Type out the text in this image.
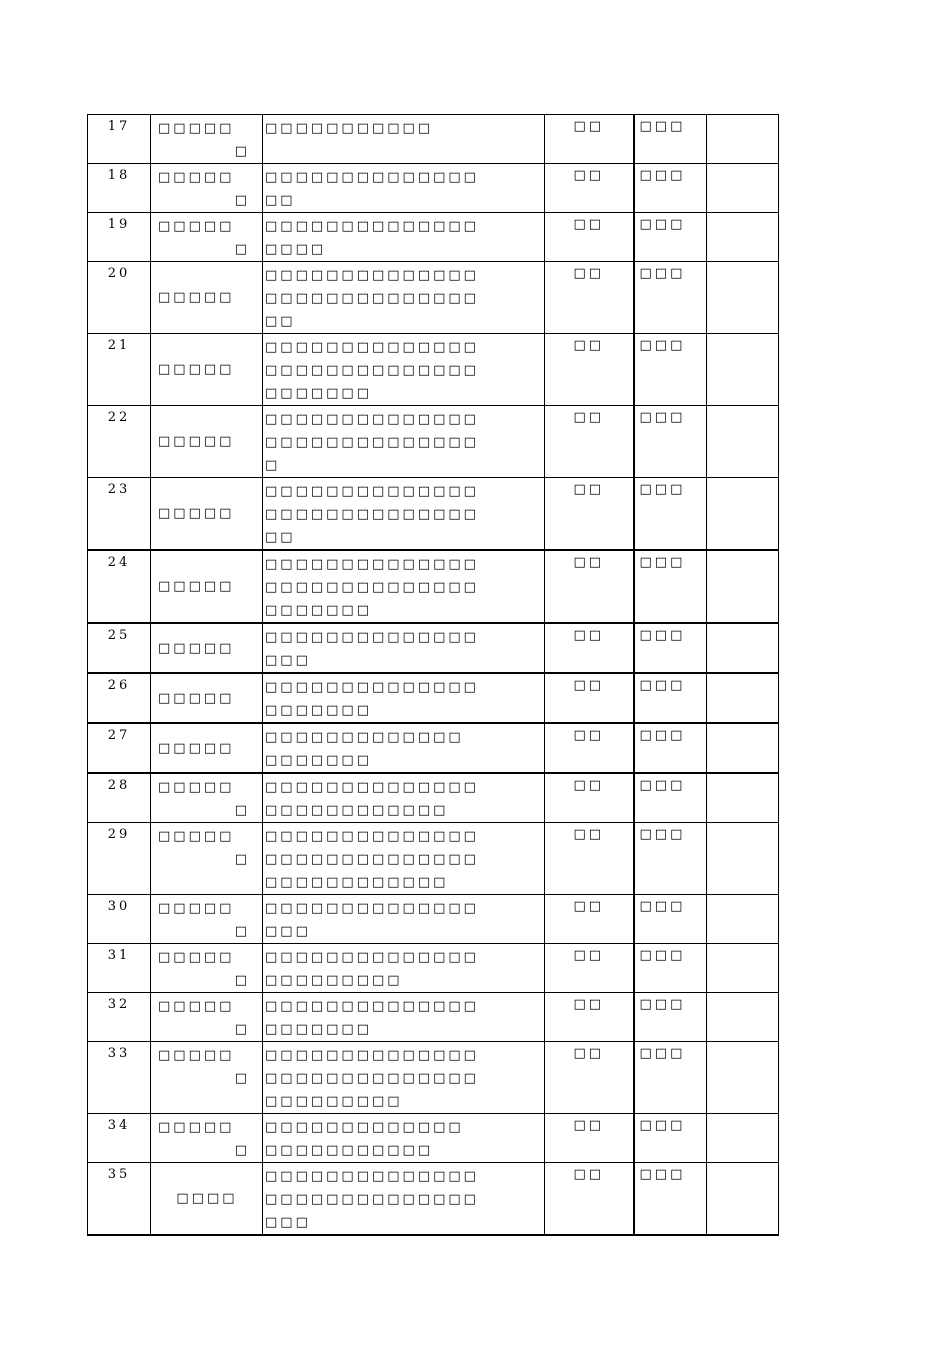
17	□□□□□
□	□□□□□□□□□□□	□□	□□□	
18	□□□□□
□	□□□□□□□□□□□□□□
□□	□□	□□□	
19	□□□□□
□	□□□□□□□□□□□□□□
□□□□	□□	□□□	
20	□□□□□	□□□□□□□□□□□□□□
□□□□□□□□□□□□□□
□□	□□	□□□	
21	□□□□□	□□□□□□□□□□□□□□
□□□□□□□□□□□□□□
□□□□□□□	□□	□□□	
22	□□□□□	□□□□□□□□□□□□□□
□□□□□□□□□□□□□□
□	□□	□□□	
23	□□□□□	□□□□□□□□□□□□□□
□□□□□□□□□□□□□□
□□	□□	□□□	
24	□□□□□	□□□□□□□□□□□□□□
□□□□□□□□□□□□□□
□□□□□□□	□□	□□□	
25	□□□□□	□□□□□□□□□□□□□□
□□□	□□	□□□	
26	□□□□□	□□□□□□□□□□□□□□
□□□□□□□	□□	□□□	
27	□□□□□	□□□□□□□□□□□□□
□□□□□□□	□□	□□□	
28	□□□□□
□	□□□□□□□□□□□□□□
□□□□□□□□□□□□	□□	□□□	
29	□□□□□
□	□□□□□□□□□□□□□□
□□□□□□□□□□□□□□
□□□□□□□□□□□□	□□	□□□	
30	□□□□□
□	□□□□□□□□□□□□□□
□□□	□□	□□□	
31	□□□□□
□	□□□□□□□□□□□□□□
□□□□□□□□□	□□	□□□	
32	□□□□□
□	□□□□□□□□□□□□□□
□□□□□□□	□□	□□□	
33	□□□□□
□	□□□□□□□□□□□□□□
□□□□□□□□□□□□□□
□□□□□□□□□	□□	□□□	
34	□□□□□
□	□□□□□□□□□□□□□
□□□□□□□□□□□	□□	□□□	
35	□□□□	□□□□□□□□□□□□□□
□□□□□□□□□□□□□□
□□□	□□	□□□	
